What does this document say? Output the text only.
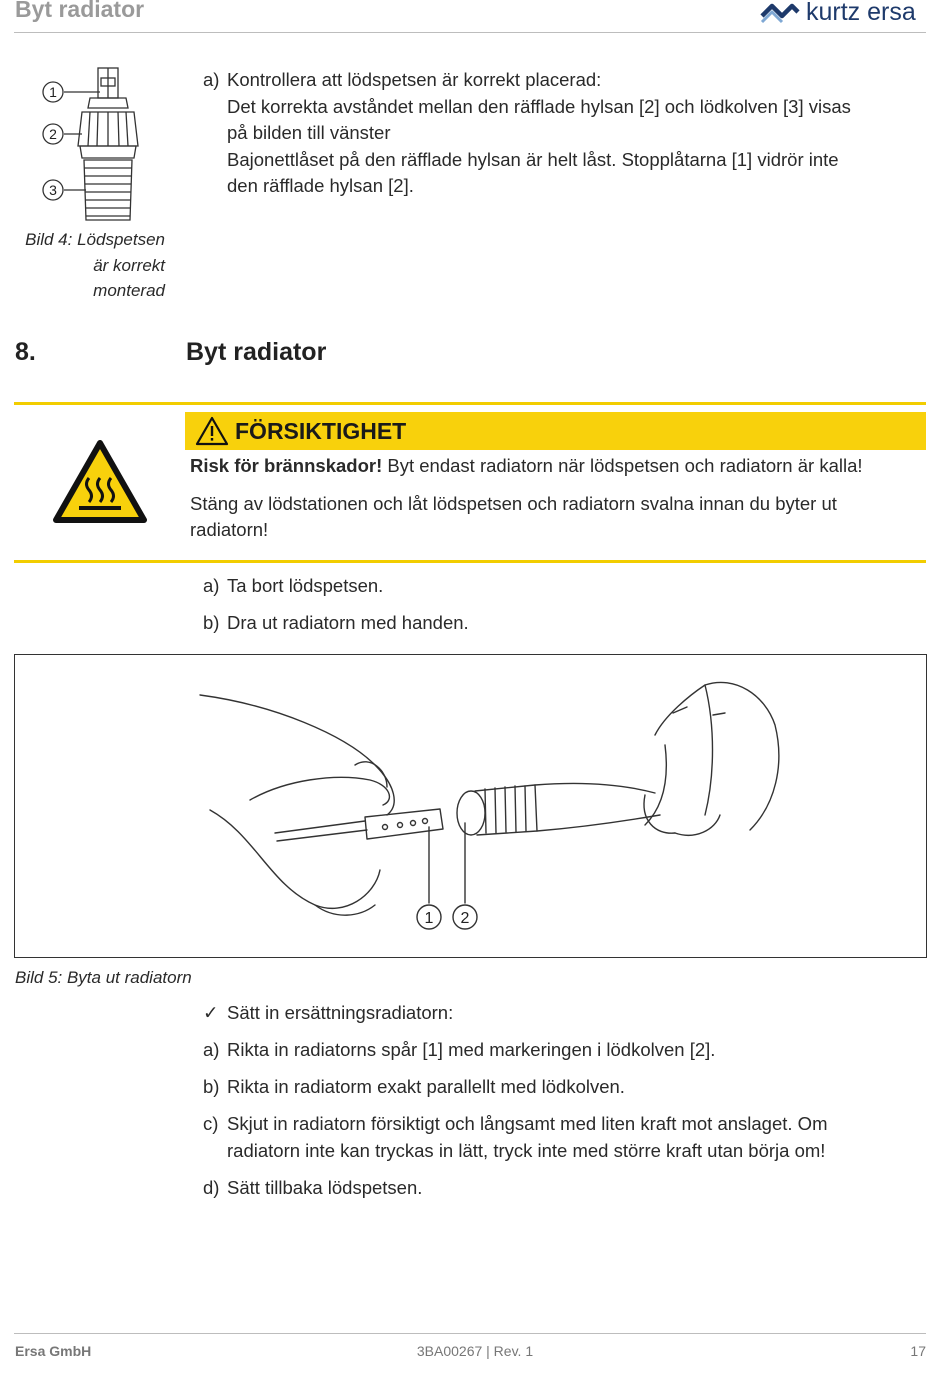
Byt radiator	kurtz ersa
1
2
3
a) Kontrollera att lödspetsen är korrekt placerad:
Det korrekta avståndet mellan den räfflade hylsan [2] och lödkolven [3] visas
på bilden till vänster
Bajonettlåset på den räfflade hylsan är helt låst. Stopplåtarna [1] vidrör inte
den räfflade hylsan [2].
Bild 4: Lödspetsen
är korrekt
monterad
8.	Byt radiator
FÖRSIKTIGHET
Risk för brännskador! Byt endast radiatorn när lödspetsen och radiatorn är kalla!
Stäng av lödstationen och låt lödspetsen och radiatorn svalna innan du byter ut
radiatorn!
a) Ta bort lödspetsen.
b) Dra ut radiatorn med handen.
1 2
Bild 5: Byta ut radiatorn
✓ Sätt in ersättningsradiatorn:
a) Rikta in radiatorns spår [1] med markeringen i lödkolven [2].
b) Rikta in radiatorm exakt parallellt med lödkolven.
c) Skjut in radiatorn försiktigt och långsamt med liten kraft mot anslaget. Om
radiatorn inte kan tryckas in lätt, tryck inte med större kraft utan börja om!
d) Sätt tillbaka lödspetsen.
Ersa GmbH	3BA00267 | Rev. 1	17
